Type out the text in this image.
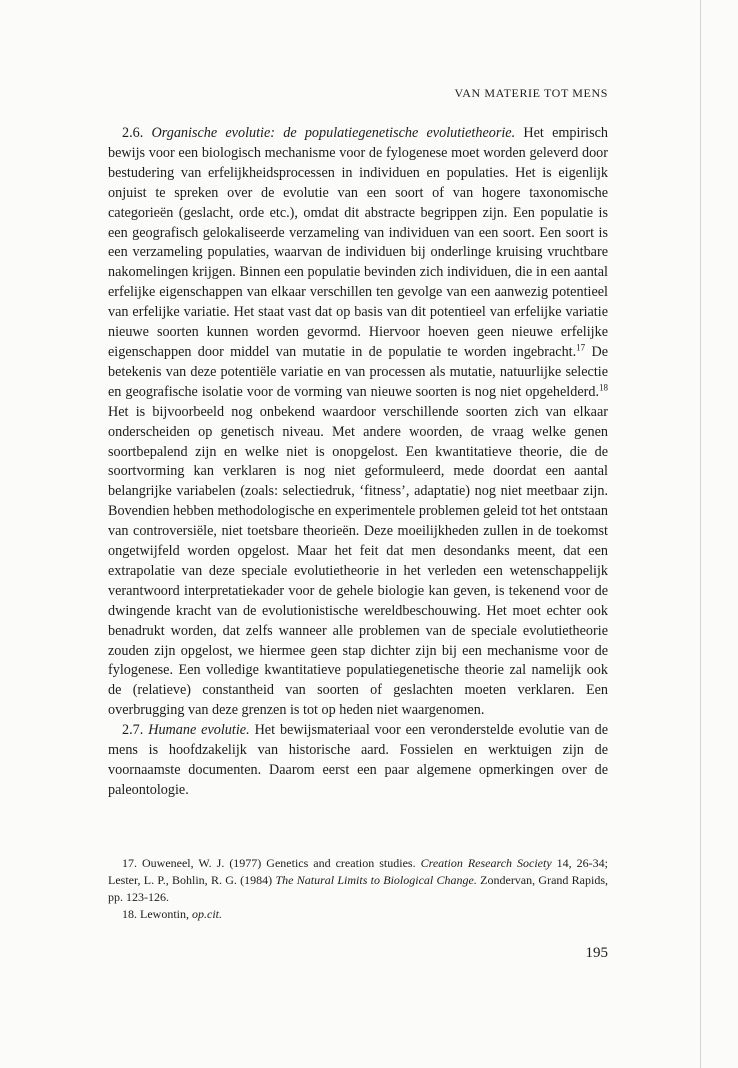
VAN MATERIE TOT MENS

2.6. Organische evolutie: de populatiegenetische evolutietheorie. Het empirisch bewijs voor een biologisch mechanisme voor de fylogenese moet worden geleverd door bestudering van erfelijkheidsprocessen in individuen en populaties. Het is eigenlijk onjuist te spreken over de evolutie van een soort of van hogere taxonomische categorieën (geslacht, orde etc.), omdat dit abstracte begrippen zijn. Een populatie is een geografisch gelokaliseerde verzameling van individuen van een soort. Een soort is een verzameling populaties, waarvan de individuen bij onderlinge kruising vruchtbare nakomelingen krijgen. Binnen een populatie bevinden zich individuen, die in een aantal erfelijke eigenschappen van elkaar verschillen ten gevolge van een aanwezig potentieel van erfelijke variatie. Het staat vast dat op basis van dit potentieel van erfelijke variatie nieuwe soorten kunnen worden gevormd. Hiervoor hoeven geen nieuwe erfelijke eigenschappen door middel van mutatie in de populatie te worden ingebracht.$^{17}$ De betekenis van deze potentiële variatie en van processen als mutatie, natuurlijke selectie en geografische isolatie voor de vorming van nieuwe soorten is nog niet opgehelderd.$^{18}$ Het is bijvoorbeeld nog onbekend waardoor verschillende soorten zich van elkaar onderscheiden op genetisch niveau. Met andere woorden, de vraag welke genen soortbepalend zijn en welke niet is onopgelost. Een kwantitatieve theorie, die de soortvorming kan verklaren is nog niet geformuleerd, mede doordat een aantal belangrijke variabelen (zoals: selectiedruk, ‘fitness’, adaptatie) nog niet meetbaar zijn. Bovendien hebben methodologische en experimentele problemen geleid tot het ontstaan van controversiële, niet toetsbare theorieën. Deze moeilijkheden zullen in de toekomst ongetwijfeld worden opgelost. Maar het feit dat men desondanks meent, dat een extrapolatie van deze speciale evolutietheorie in het verleden een wetenschappelijk verantwoord interpretatiekader voor de gehele biologie kan geven, is tekenend voor de dwingende kracht van de evolutionistische wereldbeschouwing. Het moet echter ook benadrukt worden, dat zelfs wanneer alle problemen van de speciale evolutietheorie zouden zijn opgelost, we hiermee geen stap dichter zijn bij een mechanisme voor de fylogenese. Een volledige kwantitatieve populatiegenetische theorie zal namelijk ook de (relatieve) constantheid van soorten of geslachten moeten verklaren. Een overbrugging van deze grenzen is tot op heden niet waargenomen.

2.7. Humane evolutie. Het bewijsmateriaal voor een veronderstelde evolutie van de mens is hoofdzakelijk van historische aard. Fossielen en werktuigen zijn de voornaamste documenten. Daarom eerst een paar algemene opmerkingen over de paleontologie.

17. Ouweneel, W. J. (1977) Genetics and creation studies. Creation Research Society 14, 26-34; Lester, L. P., Bohlin, R. G. (1984) The Natural Limits to Biological Change. Zondervan, Grand Rapids, pp. 123-126.

18. Lewontin, op.cit.

195
